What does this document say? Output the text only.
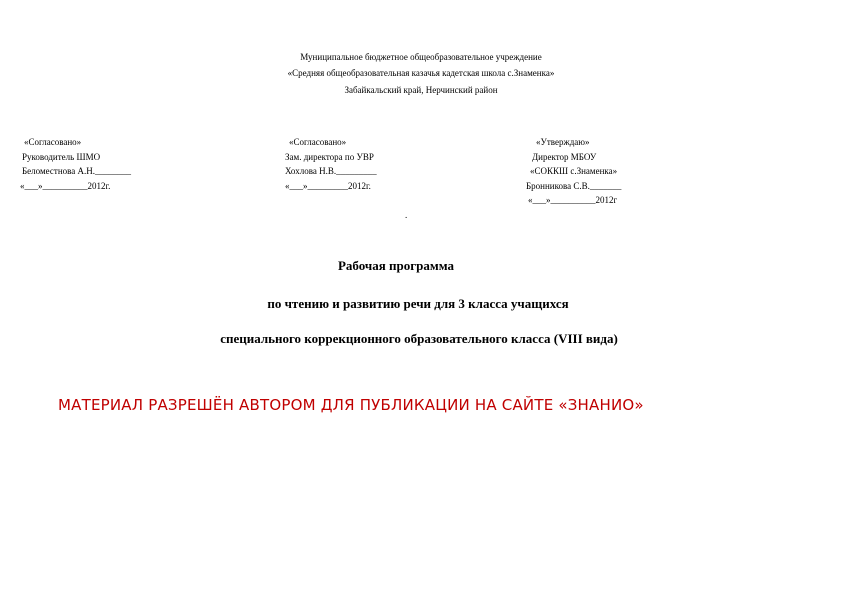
Муниципальное бюджетное общеобразовательное учреждение
«Средняя общеобразовательная казачья кадетская школа с.Знаменка»
Забайкальский край, Нерчинский район
«Согласовано»
Руководитель ШМО
Беломестнова А.Н.________
«___»__________2012г.
«Согласовано»
Зам. директора по УВР
Хохлова Н.В._________
«___»_________2012г.
«Утверждаю»
Директор МБОУ
«СОККШ с.Знаменка»
Бронникова С.В._______
«___»__________2012г
.
Рабочая программа
по чтению и развитию речи для 3 класса учащихся
специального коррекционного образовательного класса (VIII вида)
МАТЕРИАЛ РАЗРЕШЁН АВТОРОМ ДЛЯ ПУБЛИКАЦИИ НА САЙТЕ «ЗНАНИО»
